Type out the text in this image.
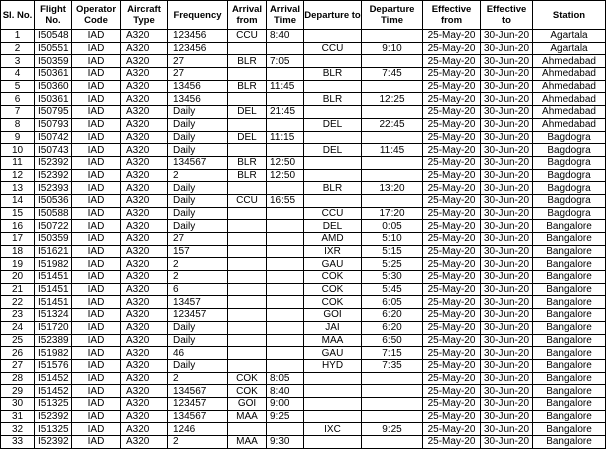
Sl. No.	Flight No.	Operator Code	Aircraft Type	Frequency	Arrival from	Arrival Time	Departure to	Departure Time	Effective from	Effective to	Station
1	I50548	IAD	A320	123456	CCU	8:40			25-May-20	30-Jun-20	Agartala
2	I50551	IAD	A320	123456			CCU	9:10	25-May-20	30-Jun-20	Agartala
3	I50359	IAD	A320	27	BLR	7:05			25-May-20	30-Jun-20	Ahmedabad
4	I50361	IAD	A320	27			BLR	7:45	25-May-20	30-Jun-20	Ahmedabad
5	I50360	IAD	A320	13456	BLR	11:45			25-May-20	30-Jun-20	Ahmedabad
6	I50361	IAD	A320	13456			BLR	12:25	25-May-20	30-Jun-20	Ahmedabad
7	I50795	IAD	A320	Daily	DEL	21:45			25-May-20	30-Jun-20	Ahmedabad
8	I50793	IAD	A320	Daily			DEL	22:45	25-May-20	30-Jun-20	Ahmedabad
9	I50742	IAD	A320	Daily	DEL	11:15			25-May-20	30-Jun-20	Bagdogra
10	I50743	IAD	A320	Daily			DEL	11:45	25-May-20	30-Jun-20	Bagdogra
11	I52392	IAD	A320	134567	BLR	12:50			25-May-20	30-Jun-20	Bagdogra
12	I52392	IAD	A320	2	BLR	12:50			25-May-20	30-Jun-20	Bagdogra
13	I52393	IAD	A320	Daily			BLR	13:20	25-May-20	30-Jun-20	Bagdogra
14	I50536	IAD	A320	Daily	CCU	16:55			25-May-20	30-Jun-20	Bagdogra
15	I50588	IAD	A320	Daily			CCU	17:20	25-May-20	30-Jun-20	Bagdogra
16	I50722	IAD	A320	Daily			DEL	0:05	25-May-20	30-Jun-20	Bangalore
17	I50359	IAD	A320	27			AMD	5:10	25-May-20	30-Jun-20	Bangalore
18	I51621	IAD	A320	157			IXR	5:15	25-May-20	30-Jun-20	Bangalore
19	I51982	IAD	A320	2			GAU	5:25	25-May-20	30-Jun-20	Bangalore
20	I51451	IAD	A320	2			COK	5:30	25-May-20	30-Jun-20	Bangalore
21	I51451	IAD	A320	6			COK	5:45	25-May-20	30-Jun-20	Bangalore
22	I51451	IAD	A320	13457			COK	6:05	25-May-20	30-Jun-20	Bangalore
23	I51324	IAD	A320	123457			GOI	6:20	25-May-20	30-Jun-20	Bangalore
24	I51720	IAD	A320	Daily			JAI	6:20	25-May-20	30-Jun-20	Bangalore
25	I52389	IAD	A320	Daily			MAA	6:50	25-May-20	30-Jun-20	Bangalore
26	I51982	IAD	A320	46			GAU	7:15	25-May-20	30-Jun-20	Bangalore
27	I51576	IAD	A320	Daily			HYD	7:35	25-May-20	30-Jun-20	Bangalore
28	I51452	IAD	A320	2	COK	8:05			25-May-20	30-Jun-20	Bangalore
29	I51452	IAD	A320	134567	COK	8:40			25-May-20	30-Jun-20	Bangalore
30	I51325	IAD	A320	123457	GOI	9:00			25-May-20	30-Jun-20	Bangalore
31	I52392	IAD	A320	134567	MAA	9:25			25-May-20	30-Jun-20	Bangalore
32	I51325	IAD	A320	1246			IXC	9:25	25-May-20	30-Jun-20	Bangalore
33	I52392	IAD	A320	2	MAA	9:30			25-May-20	30-Jun-20	Bangalore
